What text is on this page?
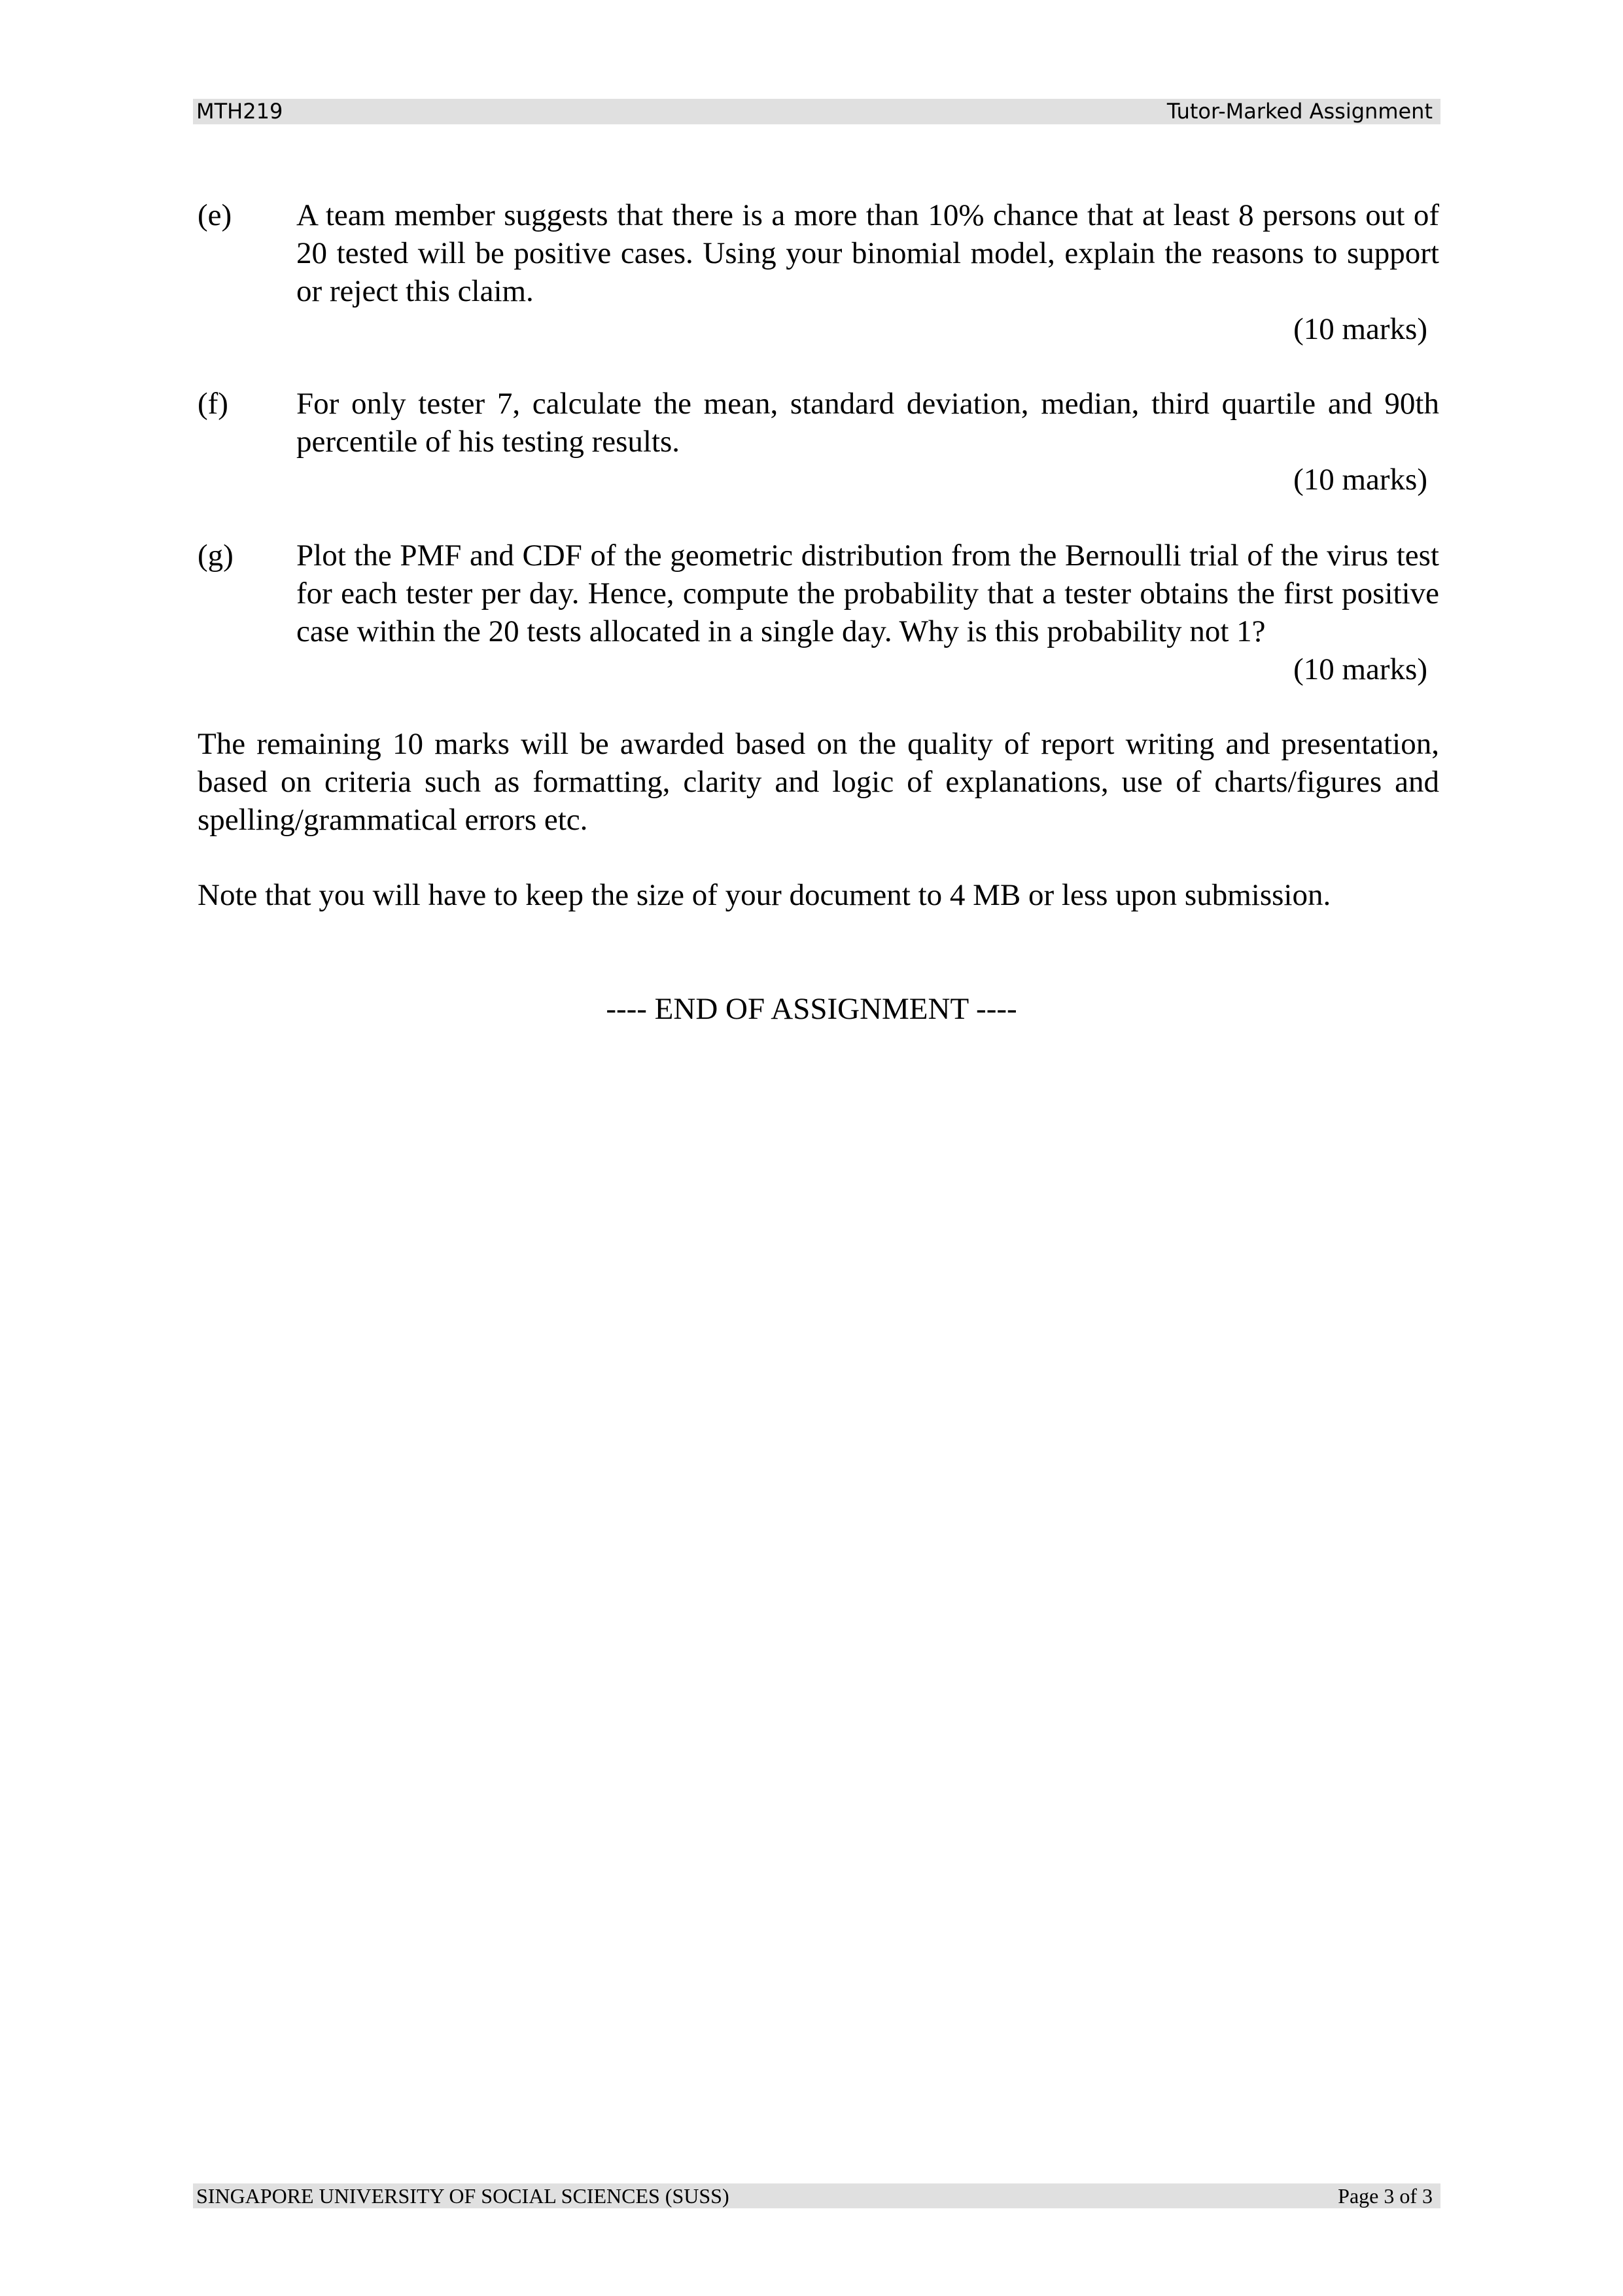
MTH219	Tutor-Marked Assignment
(e) A team member suggests that there is a more than 10% chance that at least 8 persons out of 20 tested will be positive cases. Using your binomial model, explain the reasons to support or reject this claim.
(10 marks)
(f) For only tester 7, calculate the mean, standard deviation, median, third quartile and 90th percentile of his testing results.
(10 marks)
(g) Plot the PMF and CDF of the geometric distribution from the Bernoulli trial of the virus test for each tester per day. Hence, compute the probability that a tester obtains the first positive case within the 20 tests allocated in a single day. Why is this probability not 1?
(10 marks)
The remaining 10 marks will be awarded based on the quality of report writing and presentation, based on criteria such as formatting, clarity and logic of explanations, use of charts/figures and spelling/grammatical errors etc.
Note that you will have to keep the size of your document to 4 MB or less upon submission.
---- END OF ASSIGNMENT ----
SINGAPORE UNIVERSITY OF SOCIAL SCIENCES (SUSS)	Page 3 of 3
